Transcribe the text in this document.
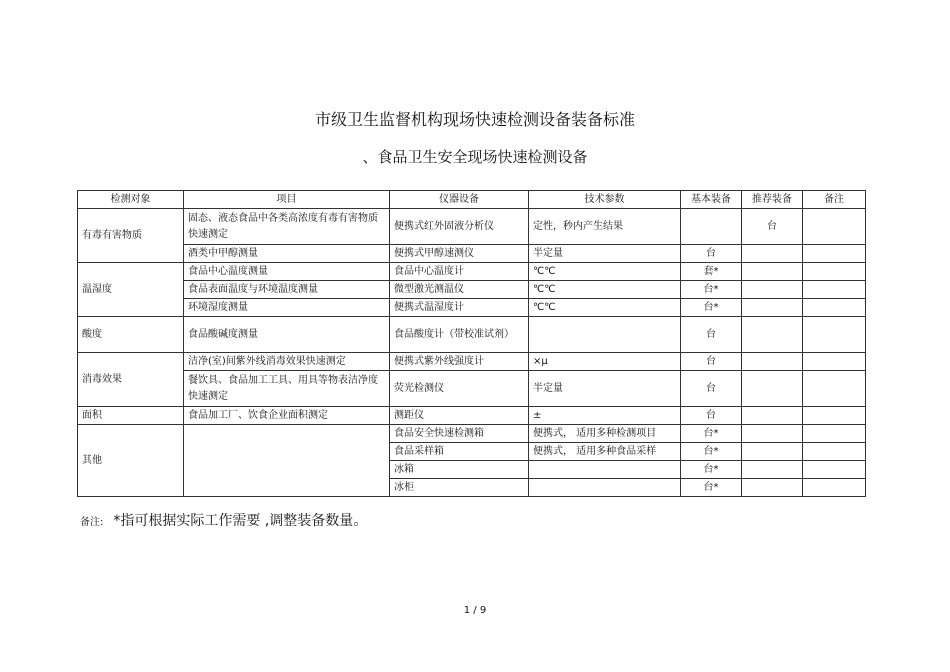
市级卫生监督机构现场快速检测设备装备标准
、食品卫生安全现场快速检测设备
检测对象	项目	仪器设备	技术参数	基本装备	推荐装备	备注
有毒有害物质	固态、液态食品中各类高浓度有毒有害物质快速测定	便携式红外固液分析仪	定性，秒内产生结果		台	
	酒类中甲醇测量	便携式甲醇速测仪	半定量	台		
温湿度	食品中心温度测量	食品中心温度计	℃℃	套*		
	食品表面温度与环境温度测量	微型激光测温仪	℃℃	台*		
	环境湿度测量	便携式温湿度计	℃℃	台*		
酸度	食品酸碱度测量	食品酸度计（带校准试剂）		台		
消毒效果	洁净(室)间紫外线消毒效果快速测定	便携式紫外线强度计	×μ	台		
	餐饮具、食品加工工具、用具等物表洁净度快速测定	荧光检测仪	半定量	台		
面积	食品加工厂、饮食企业面积测定	测距仪	±	台		
其他		食品安全快速检测箱	便携式， 适用多种检测项目	台*		
		食品采样箱	便携式， 适用多种食品采样	台*		
		冰箱		台*		
		冰柜		台*		
备注: *指可根据实际工作需要 ,调整装备数量。
1 / 9
